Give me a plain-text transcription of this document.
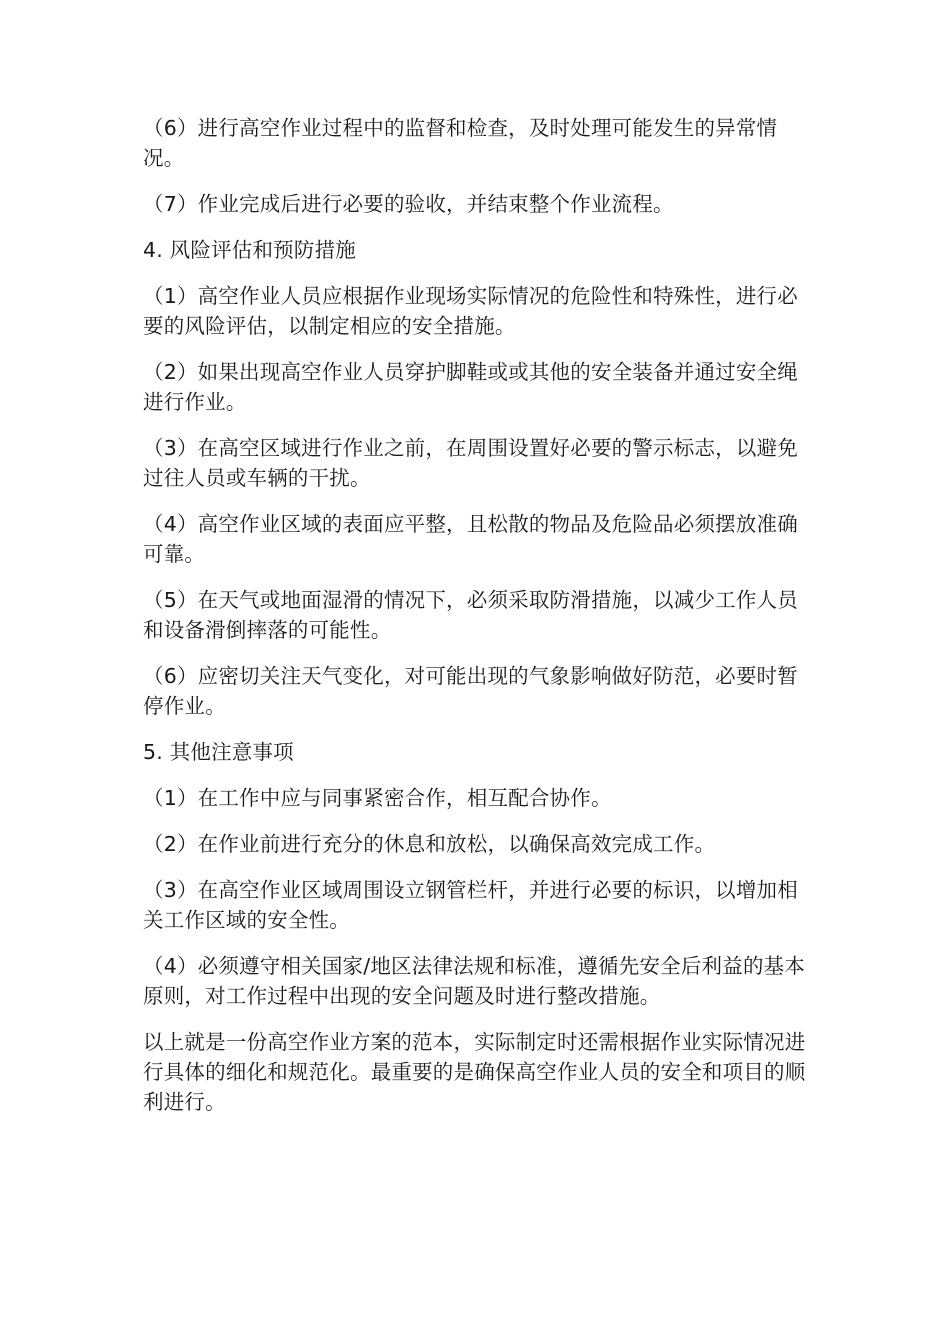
（6）进行高空作业过程中的监督和检查，及时处理可能发生的异常情况。

（7）作业完成后进行必要的验收，并结束整个作业流程。

4. 风险评估和预防措施

（1）高空作业人员应根据作业现场实际情况的危险性和特殊性，进行必要的风险评估，以制定相应的安全措施。

（2）如果出现高空作业人员穿护脚鞋或或其他的安全装备并通过安全绳进行作业。

（3）在高空区域进行作业之前，在周围设置好必要的警示标志，以避免过往人员或车辆的干扰。

（4）高空作业区域的表面应平整，且松散的物品及危险品必须摆放准确可靠。

（5）在天气或地面湿滑的情况下，必须采取防滑措施，以减少工作人员和设备滑倒摔落的可能性。

（6）应密切关注天气变化，对可能出现的气象影响做好防范，必要时暂停作业。

5. 其他注意事项

（1）在工作中应与同事紧密合作，相互配合协作。

（2）在作业前进行充分的休息和放松，以确保高效完成工作。

（3）在高空作业区域周围设立钢管栏杆，并进行必要的标识，以增加相关工作区域的安全性。

（4）必须遵守相关国家/地区法律法规和标准，遵循先安全后利益的基本原则，对工作过程中出现的安全问题及时进行整改措施。

以上就是一份高空作业方案的范本，实际制定时还需根据作业实际情况进行具体的细化和规范化。最重要的是确保高空作业人员的安全和项目的顺利进行。
